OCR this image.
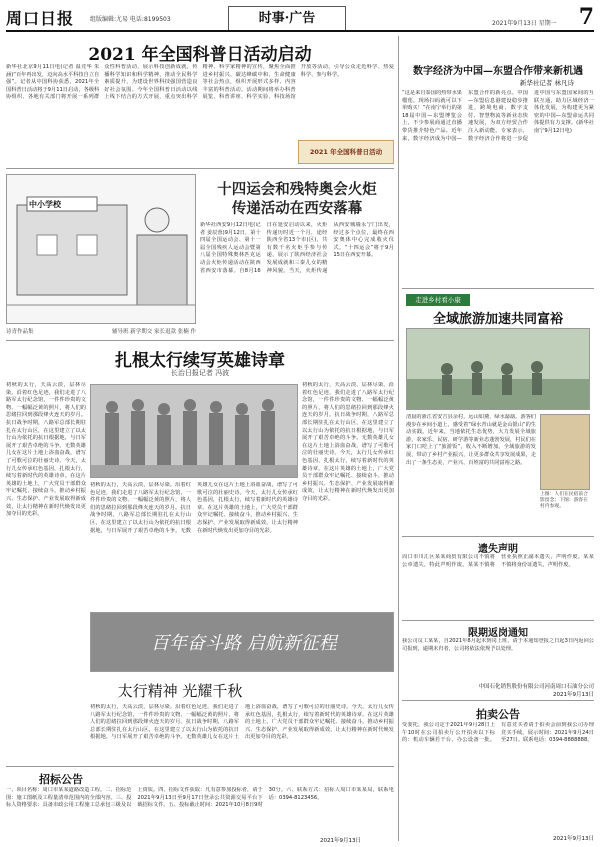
周口日报	组版编辑:尤易 电话:8199503	时事·广告	2021年9月13日 星期一 7
2021 年全国科普日活动启动
新华社北京9月11日电(记者 温竞华 朱涵)“百年再出发，迈向高水平科技自立自强”。记者从中国科协获悉，2021年全国科普日活动将于9月11日启动，各级科协组织、各地有关部门将开展一系列群众性科普活动，展示科技创新成就，传播科学知识和科学精神，推动全民科学素质提升，为建设世界科技强国营造良好社会氛围。今年全国科普日活动以线上线下结合的方式开展，重点突出科学精神、科学家精神的宣传，聚焦全面推进乡村振兴、碳达峰碳中和、生命健康等社会热点，组织开展形式多样、内容丰富的科普活动。活动期间将举办科普展览、科普讲座、科学实验、科技场馆开放等活动，引导公众走近科学、热爱科学、参与科学。
2021 年全国科普日活动
中小学校
诗青作品集	辅导班 新学期交 家长退款 张楠 作
十四运会和残特奥会火炬
传递活动在西安落幕
新华社西安9月12日电(记者 姜辰蓉)9月12日，第十四届全国运动会、第十一届全国残疾人运动会暨第八届全国特殊奥林匹克运动会火炬传递活动在陕西省西安市落幕。自8月16日在延安启动以来，火炬传递历时近一个月，途经陕西全省13个市(区)，共有数千名火炬手参与传递，展示了陕西经济社会发展成就和三秦儿女的精神风貌。当天，火炬传递从西安城墙永宁门出发，经过多个点位，最终在西安奥体中心完成收火仪式。“十四运会”将于9月15日在西安开幕。
扎根太行续写英雄诗章
长治日报记者 冯波
初秋的太行，天高云淡，层林尽染。沿着红色足迹，我们走进了八路军太行纪念馆，一件件珍贵的文物、一幅幅泛黄的照片，将人们的思绪拉回到那段烽火连天的岁月。抗日战争时期，八路军总部长期驻扎在太行山区，在这里建立了以太行山为依托的抗日根据地，与日军展开了艰苦卓绝的斗争。无数英雄儿女在这片土地上浴血奋战，谱写了可歌可泣的壮丽史诗。今天，太行儿女传承红色基因，扎根太行，续写着新时代的英雄诗章。在这片英雄的土地上，广大党员干部群众牢记嘱托、接续奋斗，推动乡村振兴、生态保护、产业发展取得新成效，让太行精神在新时代焕发出更加夺目的光彩。
初秋的太行，天高云淡，层林尽染。沿着红色足迹，我们走进了八路军太行纪念馆，一件件珍贵的文物、一幅幅泛黄的照片，将人们的思绪拉回到那段烽火连天的岁月。抗日战争时期，八路军总部长期驻扎在太行山区，在这里建立了以太行山为依托的抗日根据地，与日军展开了艰苦卓绝的斗争。无数英雄儿女在这片土地上浴血奋战，谱写了可歌可泣的壮丽史诗。今天，太行儿女传承红色基因，扎根太行，续写着新时代的英雄诗章。在这片英雄的土地上，广大党员干部群众牢记嘱托、接续奋斗，推动乡村振兴、生态保护、产业发展取得新成效，让太行精神在新时代焕发出更加夺目的光彩。
初秋的太行，天高云淡，层林尽染。沿着红色足迹，我们走进了八路军太行纪念馆，一件件珍贵的文物、一幅幅泛黄的照片，将人们的思绪拉回到那段烽火连天的岁月。抗日战争时期，八路军总部长期驻扎在太行山区，在这里建立了以太行山为依托的抗日根据地，与日军展开了艰苦卓绝的斗争。无数英雄儿女在这片土地上浴血奋战，谱写了可歌可泣的壮丽史诗。今天，太行儿女传承红色基因，扎根太行，续写着新时代的英雄诗章。在这片英雄的土地上，广大党员干部群众牢记嘱托、接续奋斗，推动乡村振兴、生态保护、产业发展取得新成效，让太行精神在新时代焕发出更加夺目的光彩。
百年奋斗路 启航新征程
太行精神 光耀千秋
初秋的太行，天高云淡，层林尽染。沿着红色足迹，我们走进了八路军太行纪念馆，一件件珍贵的文物、一幅幅泛黄的照片，将人们的思绪拉回到那段烽火连天的岁月。抗日战争时期，八路军总部长期驻扎在太行山区，在这里建立了以太行山为依托的抗日根据地，与日军展开了艰苦卓绝的斗争。无数英雄儿女在这片土地上浴血奋战，谱写了可歌可泣的壮丽史诗。今天，太行儿女传承红色基因，扎根太行，续写着新时代的英雄诗章。在这片英雄的土地上，广大党员干部群众牢记嘱托、接续奋斗，推动乡村振兴、生态保护、产业发展取得新成效，让太行精神在新时代焕发出更加夺目的光彩。
招标公告
一、项目名称：周口市某某道路改造工程。二、招标范围：施工图纸及工程量清单范围内的全部内容。三、投标人资格要求：具备市政公用工程施工总承包三级及以上资质。四、招标文件获取：凡有意参加投标者，请于2021年9月13日至9月17日登录公共资源交易平台下载招标文件。五、投标截止时间：2021年10月8日9时30分。六、联系方式：招标人周口市某某局，联系电话：0394-8123456。
2021年9月13日
数字经济为中国—东盟合作带来新机遇
新华社记者 林凡诗
“这是来自泰国的热带水果榴莲，现场扫码就可以下单购买！”在南宁举行的第18届中国—东盟博览会上，不少参展商通过直播带货推介特色产品。近年来，数字经济成为中国—东盟合作的新亮点。中国—东盟信息港建设稳步推进，跨境电商、数字支付、智慧物流等新业态快速发展，为双方经贸合作注入新动能。专家表示，数字经济合作将进一步促进中国与东盟国家间的互联互通，助力区域经济一体化发展，为构建更为紧密的中国—东盟命运共同体提供有力支撑。(新华社南宁9月12日电)
走进乡村看小康
全域旅游加速共同富裕
清晨的浙江省安吉县余村，远山如黛、绿水潺潺。游客们漫步在乡间小道上，感受着“绿水青山就是金山银山”的生动实践。近年来，当地依托生态优势，大力发展全域旅游，农家乐、民宿、研学游等新业态蓬勃发展，村民们在家门口吃上了“旅游饭”，收入不断增加。全域旅游的发展，带动了乡村产业振兴，让更多群众共享发展成果，走出了一条生态美、产业兴、百姓富的共同富裕之路。
上图：人们在民宿前合影留念；下图：游客在村内参观。
遗失声明
周口市川汇区某某商贸有限公司不慎将公章遗失，特此声明作废。某某不慎将营业执照正副本遗失，声明作废。某某不慎将身份证遗失，声明作废。
限期返岗通知
我公司员工某某，自2021年8月起未到岗上班，请于本通知登报之日起3日内返回公司报到，逾期未归者，公司将依法依规予以处理。
中国石化销售股份有限公司河南周口石油分公司
2021年9月13日
拍卖公告
受委托，我公司定于2021年9月28日上午10时在公司拍卖厅公开拍卖以下标的：机动车辆若干台、办公设备一批。有意竞买者请于拍卖会前到我公司办理竞买手续。展示时间：2021年9月24日至27日。联系电话：0394-8888888。
2021年9月13日
